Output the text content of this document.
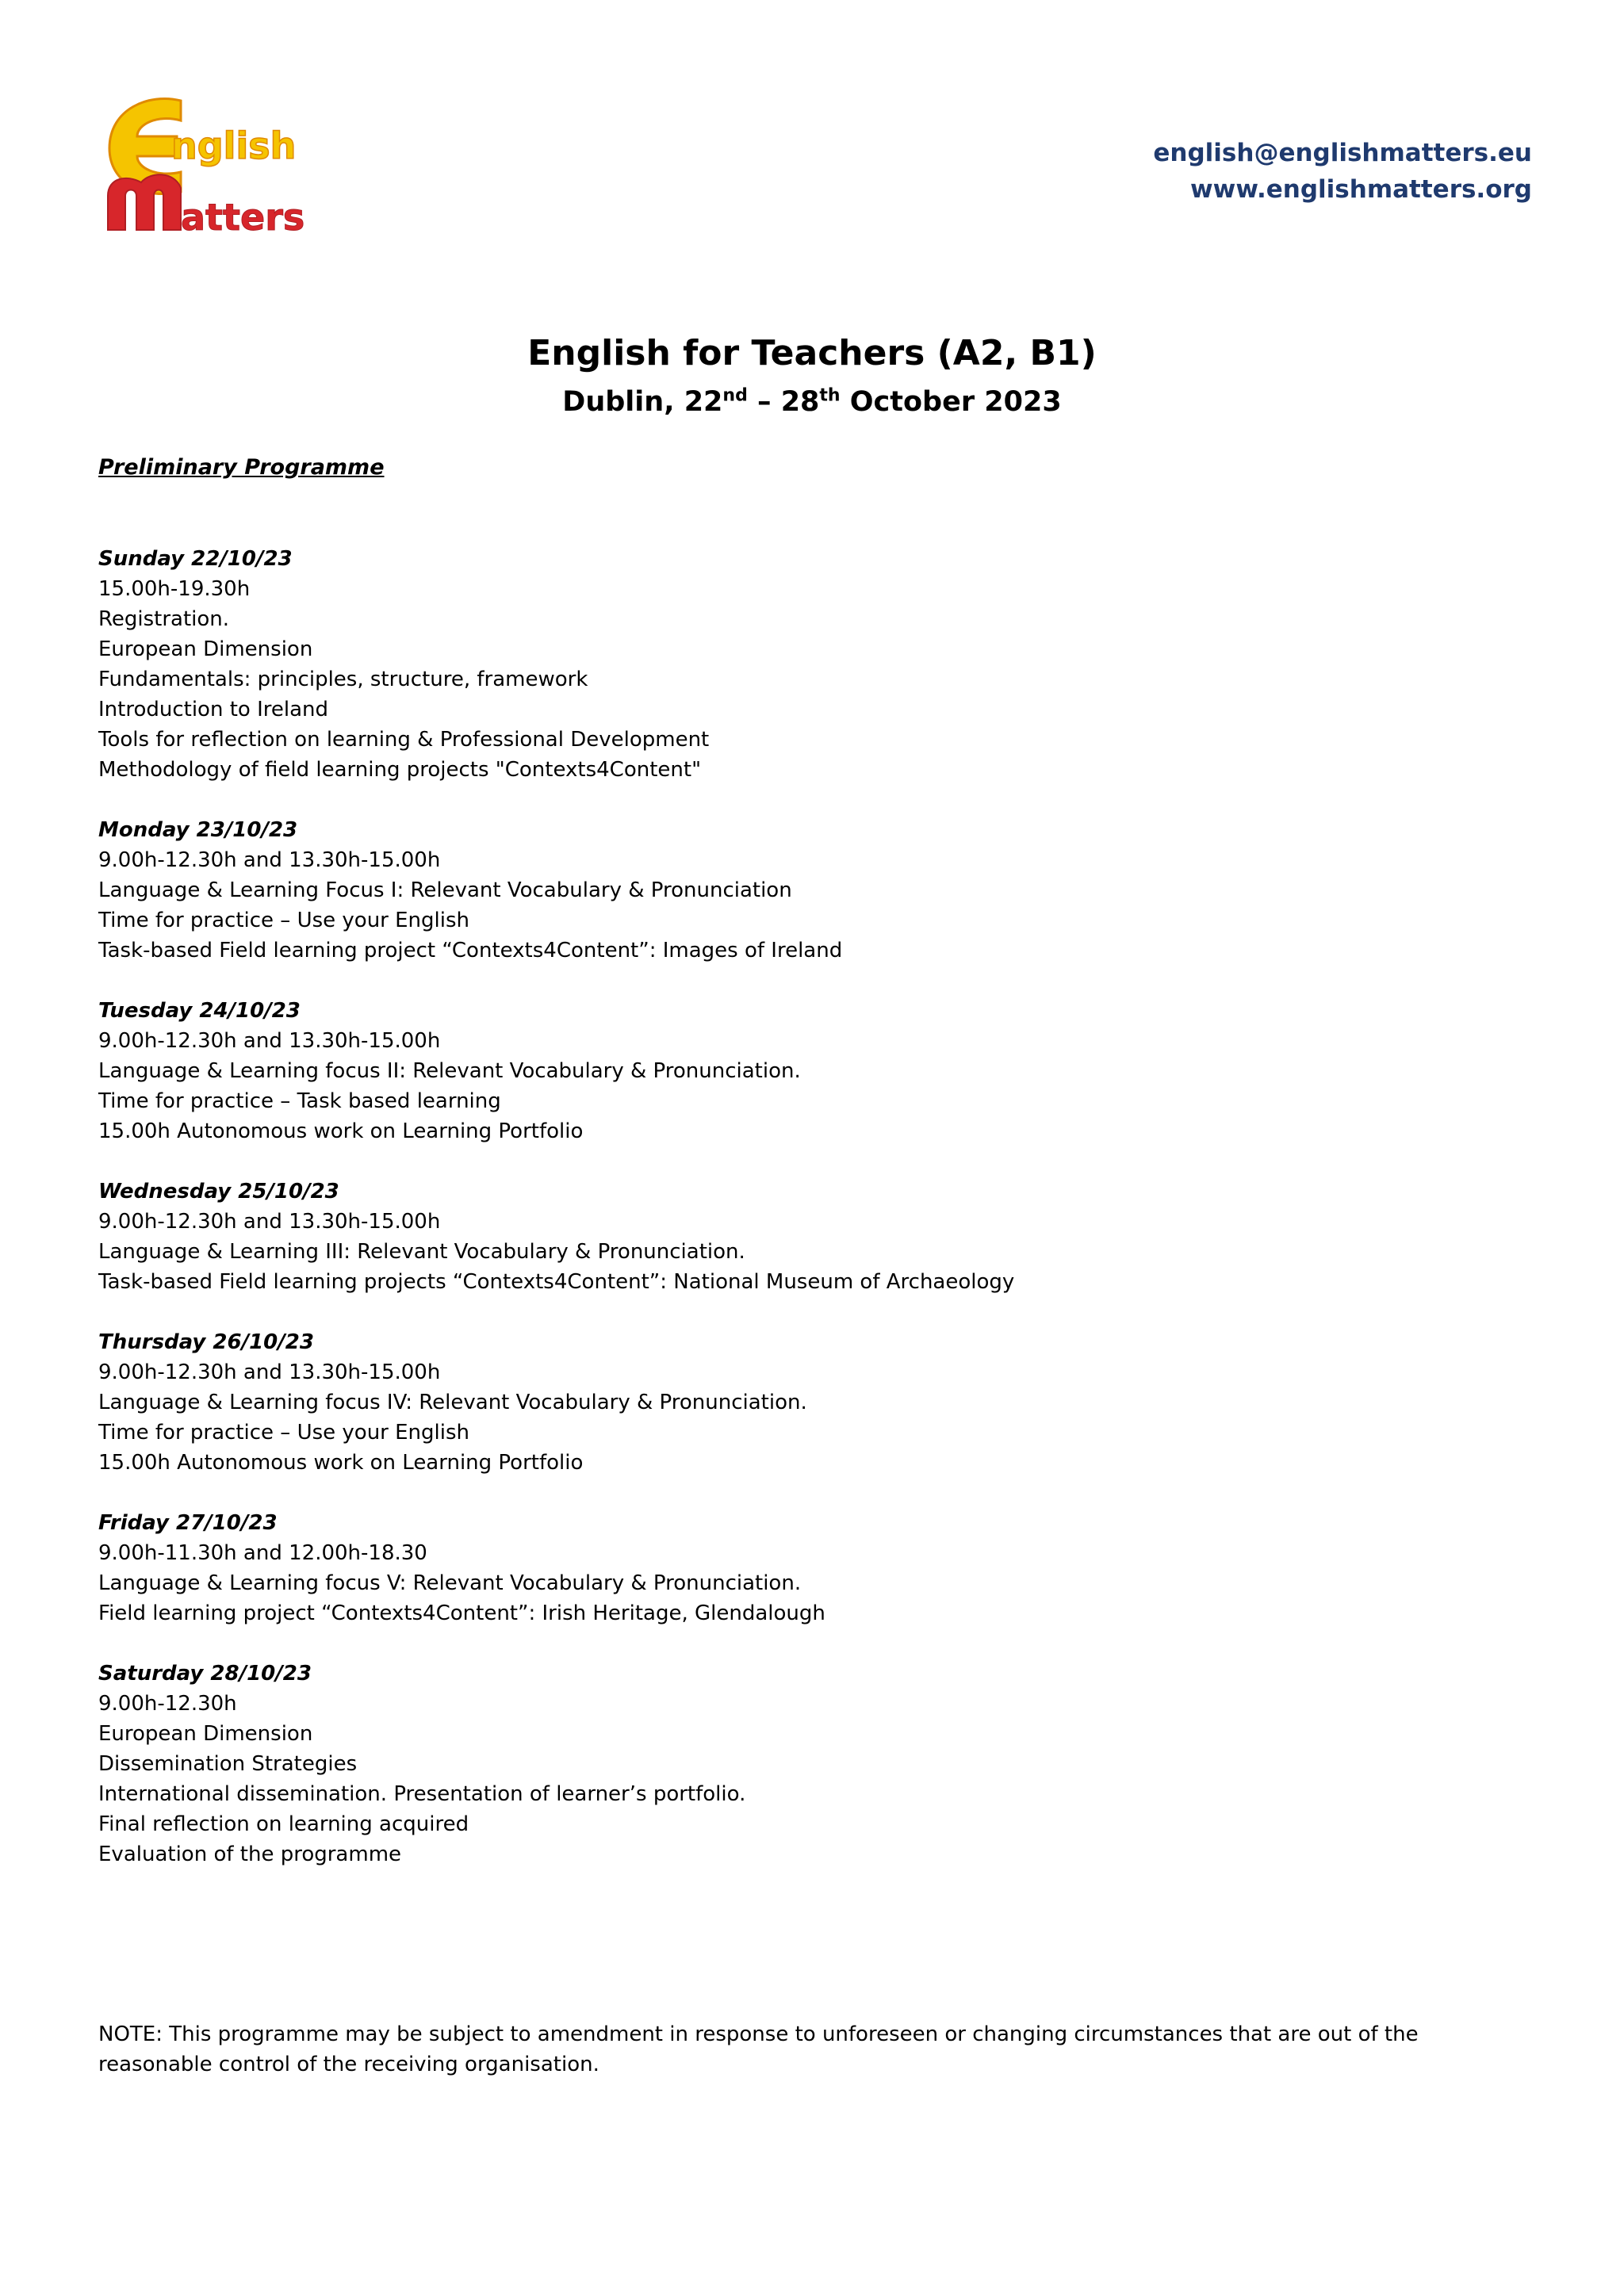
nglish
atters
english@englishmatters.eu
www.englishmatters.org
English for Teachers (A2, B1)
Dublin, 22nd – 28th October 2023
Preliminary Programme
Sunday 22/10/23
15.00h-19.30h
Registration.
European Dimension
Fundamentals: principles, structure, framework
Introduction to Ireland
Tools for reflection on learning & Professional Development
Methodology of field learning projects "Contexts4Content"
Monday 23/10/23
9.00h-12.30h and 13.30h-15.00h
Language & Learning Focus I: Relevant Vocabulary & Pronunciation
Time for practice – Use your English
Task-based Field learning project “Contexts4Content”: Images of Ireland
Tuesday 24/10/23
9.00h-12.30h and 13.30h-15.00h
Language & Learning focus II: Relevant Vocabulary & Pronunciation.
Time for practice – Task based learning
15.00h Autonomous work on Learning Portfolio
Wednesday 25/10/23
9.00h-12.30h and 13.30h-15.00h
Language & Learning III: Relevant Vocabulary & Pronunciation.
Task-based Field learning projects “Contexts4Content”: National Museum of Archaeology
Thursday 26/10/23
9.00h-12.30h and 13.30h-15.00h
Language & Learning focus IV: Relevant Vocabulary & Pronunciation.
Time for practice – Use your English
15.00h Autonomous work on Learning Portfolio
Friday 27/10/23
9.00h-11.30h and 12.00h-18.30
Language & Learning focus V: Relevant Vocabulary & Pronunciation.
Field learning project “Contexts4Content”: Irish Heritage, Glendalough
Saturday 28/10/23
9.00h-12.30h
European Dimension
Dissemination Strategies
International dissemination. Presentation of learner’s portfolio.
Final reflection on learning acquired
Evaluation of the programme
NOTE: This programme may be subject to amendment in response to unforeseen or changing circumstances that are out of the reasonable control of the receiving organisation.
